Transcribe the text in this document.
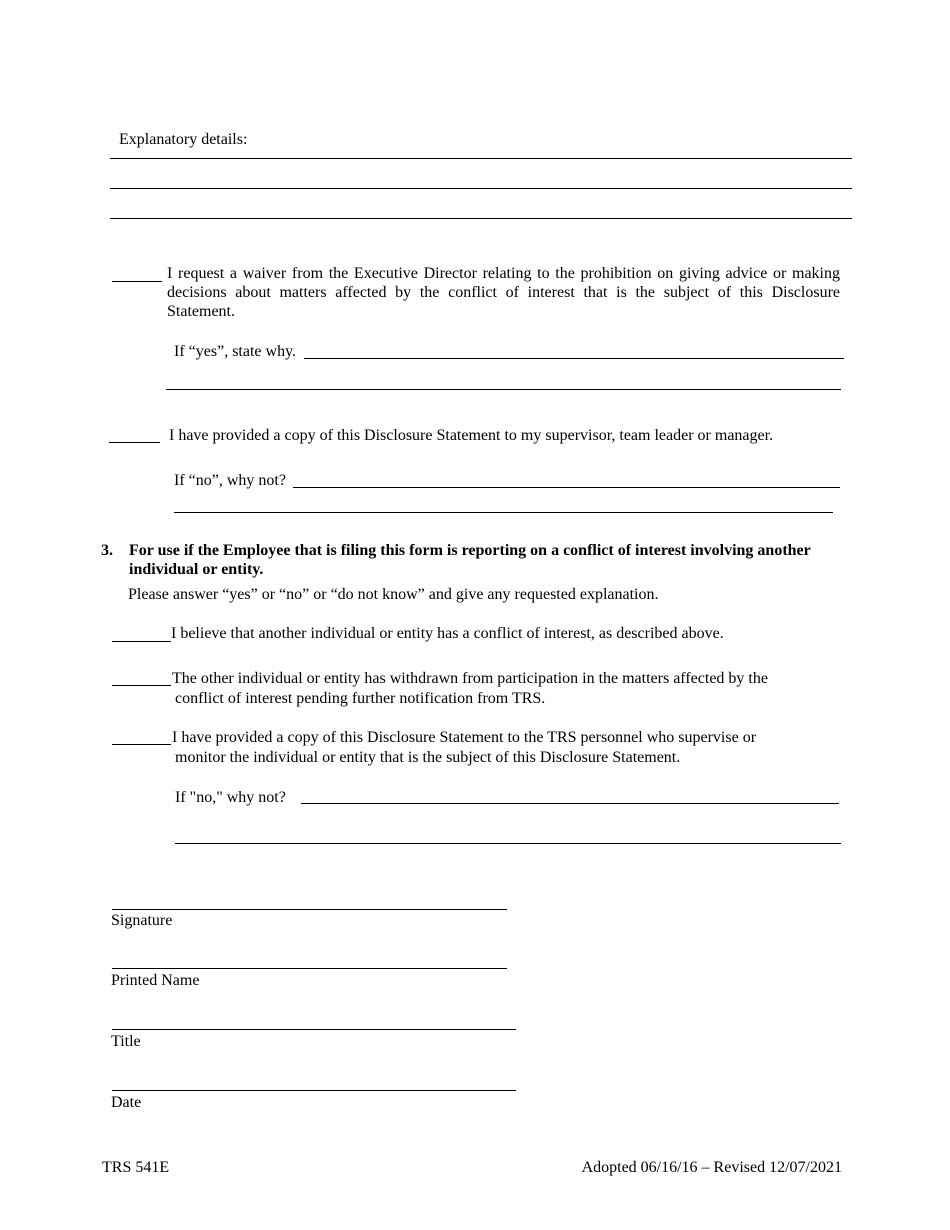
Explanatory details:
I request a waiver from the Executive Director relating to the prohibition on giving advice or making decisions about matters affected by the conflict of interest that is the subject of this Disclosure Statement.
If “yes”, state why.
I have provided a copy of this Disclosure Statement to my supervisor, team leader or manager.
If “no”, why not?
3. For use if the Employee that is filing this form is reporting on a conflict of interest involving another individual or entity.
Please answer “yes” or “no” or “do not know” and give any requested explanation.
I believe that another individual or entity has a conflict of interest, as described above.
The other individual or entity has withdrawn from participation in the matters affected by the
conflict of interest pending further notification from TRS.
I have provided a copy of this Disclosure Statement to the TRS personnel who supervise or
monitor the individual or entity that is the subject of this Disclosure Statement.
If "no," why not?
Signature
Printed Name
Title
Date
TRS 541E	Adopted 06/16/16 – Revised 12/07/2021
